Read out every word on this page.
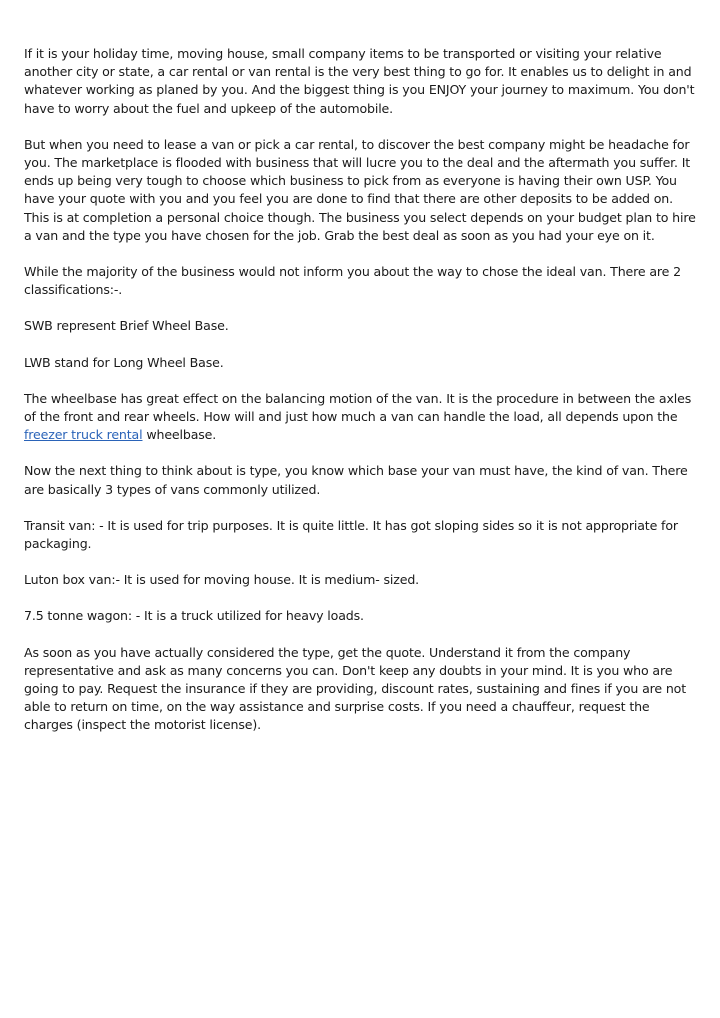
If it is your holiday time, moving house, small company items to be transported or visiting your relative another city or state, a car rental or van rental is the very best thing to go for. It enables us to delight in and whatever working as planed by you. And the biggest thing is you ENJOY your journey to maximum. You don't have to worry about the fuel and upkeep of the automobile.

But when you need to lease a van or pick a car rental, to discover the best company might be headache for you. The marketplace is flooded with business that will lucre you to the deal and the aftermath you suffer. It ends up being very tough to choose which business to pick from as everyone is having their own USP. You have your quote with you and you feel you are done to find that there are other deposits to be added on. This is at completion a personal choice though. The business you select depends on your budget plan to hire a van and the type you have chosen for the job. Grab the best deal as soon as you had your eye on it.

While the majority of the business would not inform you about the way to chose the ideal van. There are 2 classifications:-.

SWB represent Brief Wheel Base.

LWB stand for Long Wheel Base.

The wheelbase has great effect on the balancing motion of the van. It is the procedure in between the axles of the front and rear wheels. How will and just how much a van can handle the load, all depends upon the freezer truck rental wheelbase.

Now the next thing to think about is type, you know which base your van must have, the kind of van. There are basically 3 types of vans commonly utilized.

Transit van: - It is used for trip purposes. It is quite little. It has got sloping sides so it is not appropriate for packaging.

Luton box van:- It is used for moving house. It is medium- sized.

7.5 tonne wagon: - It is a truck utilized for heavy loads.

As soon as you have actually considered the type, get the quote. Understand it from the company representative and ask as many concerns you can. Don't keep any doubts in your mind. It is you who are going to pay. Request the insurance if they are providing, discount rates, sustaining and fines if you are not able to return on time, on the way assistance and surprise costs. If you need a chauffeur, request the charges (inspect the motorist license).
